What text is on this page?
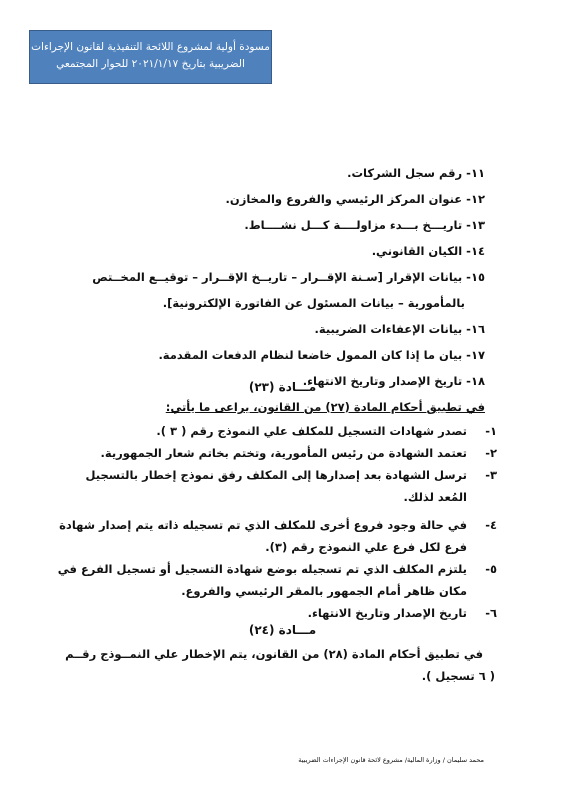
مسودة أولية لمشروع اللائحة التنفيذية لقانون الإجراءات
الضريبية بتاريخ ٢٠٢١/١/١٧ للحوار المجتمعي
١١- رقم سجل الشركات.
١٢- عنوان المركز الرئيسي والفروع والمخازن.
١٣- تاريـــخ بـــدء مزاولــــة كـــل نشــــاط.
١٤- الكيان القانوني.
١٥- بيانات الإقرار [سـنة الإقــرار – تاريــخ الإقــرار – توقيــع المخــتص
بالمأمورية – بيانات المسئول عن الفاتورة الإلكترونية].
١٦- بيانات الإعفاءات الضريبية.
١٧- بيان ما إذا كان الممول خاضعا لنظام الدفعات المقدمة.
١٨- تاريخ الإصدار وتاريخ الانتهاء.
مـــادة (٢٣)
في تطبيق أحكام المادة (٢٧) من القانون، يراعى ما يأتي:
١-
تصدر شهادات التسجيل للمكلف علي النموذج رقم ( ٣ ).
٢-
تعتمد الشهادة من رئيس المأمورية، وتختم بخاتم شعار الجمهورية.
٣-
ترسل الشهادة بعد إصدارها إلى المكلف رفق نموذج إخطار بالتسجيل
المُعد لذلك.
٤-
في حالة وجود فروع أخرى للمكلف الذي تم تسجيله ذاته يتم إصدار شهادة
فرع لكل فرع علي النموذج رقم (٣).
٥-
يلتزم المكلف الذي تم تسجيله بوضع شهادة التسجيل أو تسجيل الفرع في
مكان ظاهر أمام الجمهور بالمقر الرئيسي والفروع.
٦-
تاريخ الإصدار وتاريخ الانتهاء.
مـــادة (٢٤)
في تطبيق أحكام المادة (٢٨) من القانون، يتم الإخطار علي النمــوذج رقــم
( ٦ تسجيل ).
محمد سليمان / وزارة المالية/ مشروع لائحة قانون الإجراءات الضريبية
